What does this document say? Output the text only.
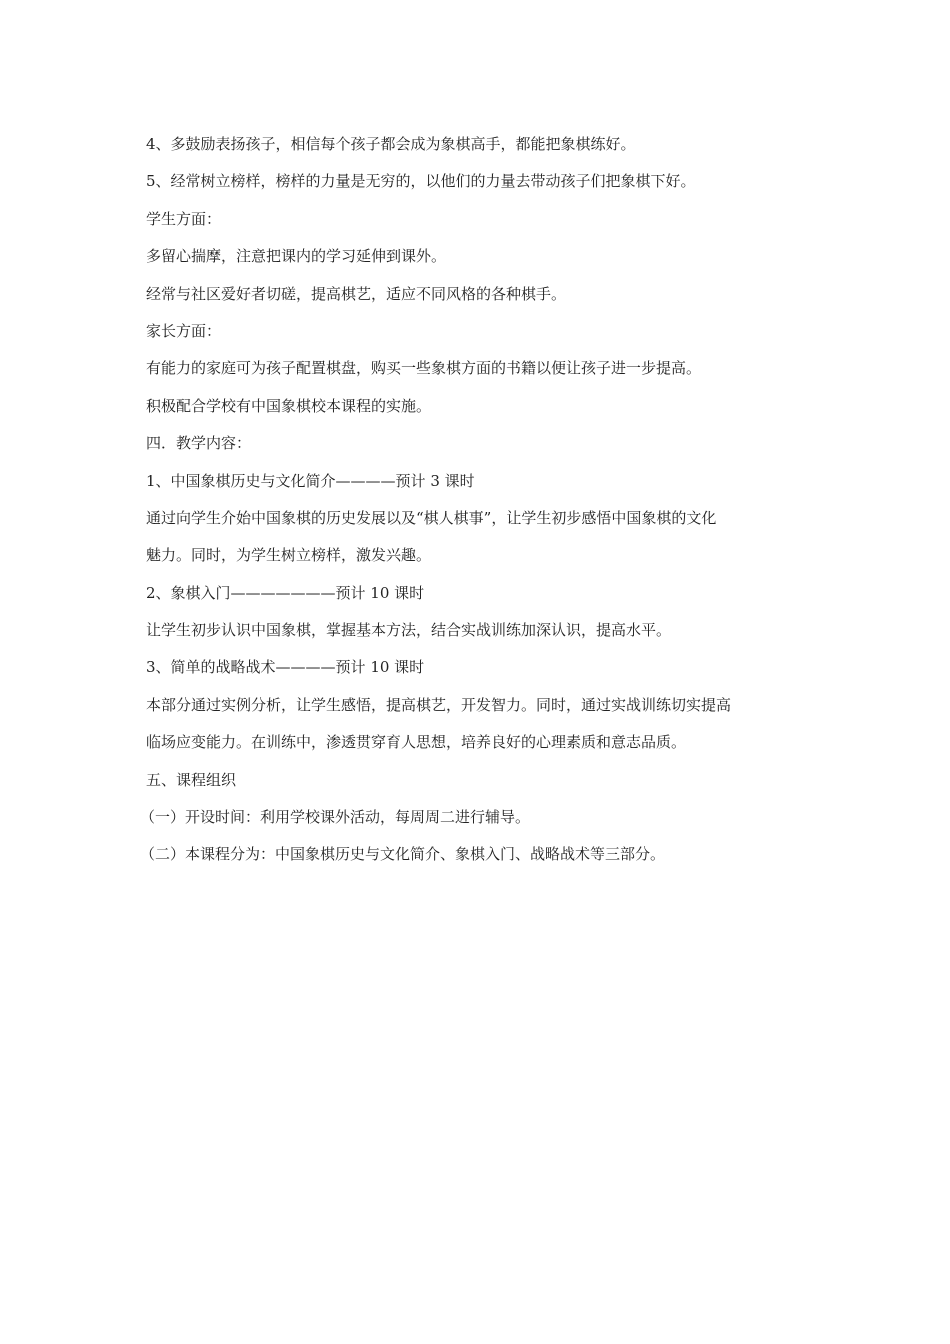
4、多鼓励表扬孩子，相信每个孩子都会成为象棋高手，都能把象棋练好。

5、经常树立榜样，榜样的力量是无穷的，以他们的力量去带动孩子们把象棋下好。

学生方面：

多留心揣摩，注意把课内的学习延伸到课外。

经常与社区爱好者切磋，提高棋艺，适应不同风格的各种棋手。

家长方面：

有能力的家庭可为孩子配置棋盘，购买一些象棋方面的书籍以便让孩子进一步提高。

积极配合学校有中国象棋校本课程的实施。

四．教学内容：

1、中国象棋历史与文化简介————预计 3 课时

通过向学生介始中国象棋的历史发展以及“棋人棋事”，让学生初步感悟中国象棋的文化

魅力。同时，为学生树立榜样，激发兴趣。

2、象棋入门———————预计 10 课时

让学生初步认识中国象棋，掌握基本方法，结合实战训练加深认识，提高水平。

3、简单的战略战术————预计 10 课时

本部分通过实例分析，让学生感悟，提高棋艺，开发智力。同时，通过实战训练切实提高

临场应变能力。在训练中，渗透贯穿育人思想，培养良好的心理素质和意志品质。

五、课程组织

（一）开设时间：利用学校课外活动，每周周二进行辅导。

（二）本课程分为：中国象棋历史与文化简介、象棋入门、战略战术等三部分。
